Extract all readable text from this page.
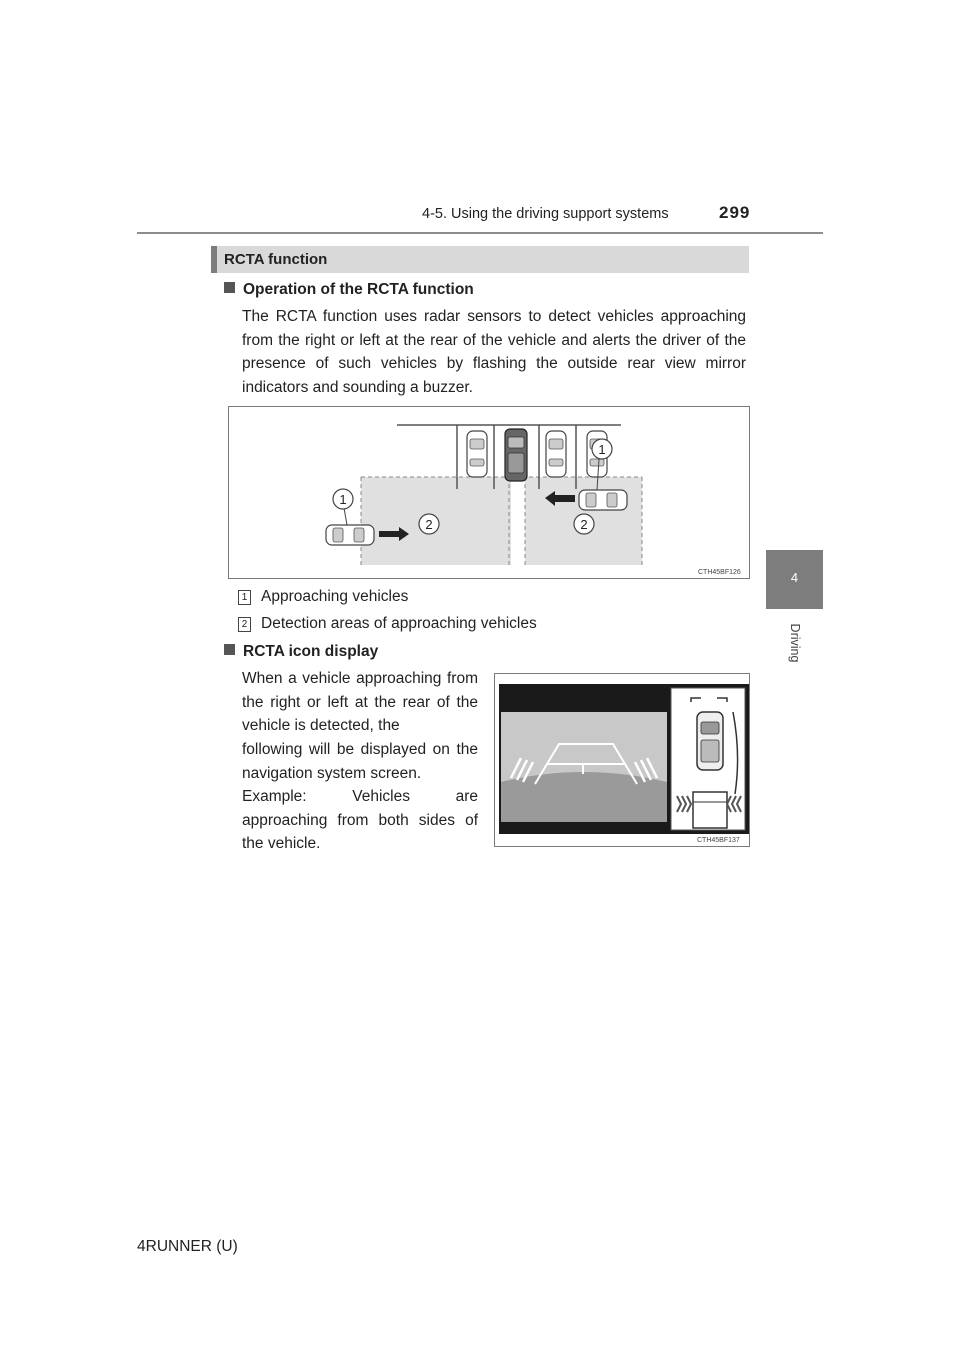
4-5. Using the driving support systems	299
4
Driving
RCTA function
Operation of the RCTA function
The RCTA function uses radar sensors to detect vehicles approaching from the right or left at the rear of the vehicle and alerts the driver of the presence of such vehicles by flashing the outside rear view mirror indicators and sounding a buzzer.
1
1
2	2
CTH45BF126
1 Approaching vehicles
2 Detection areas of approaching vehicles
RCTA icon display
When a vehicle approaching from the right or left at the rear of the vehicle is detected, the
following will be displayed on the navigation system screen.
Example: Vehicles are approaching from both sides of the vehicle.	CTH45BF137
4RUNNER (U)
